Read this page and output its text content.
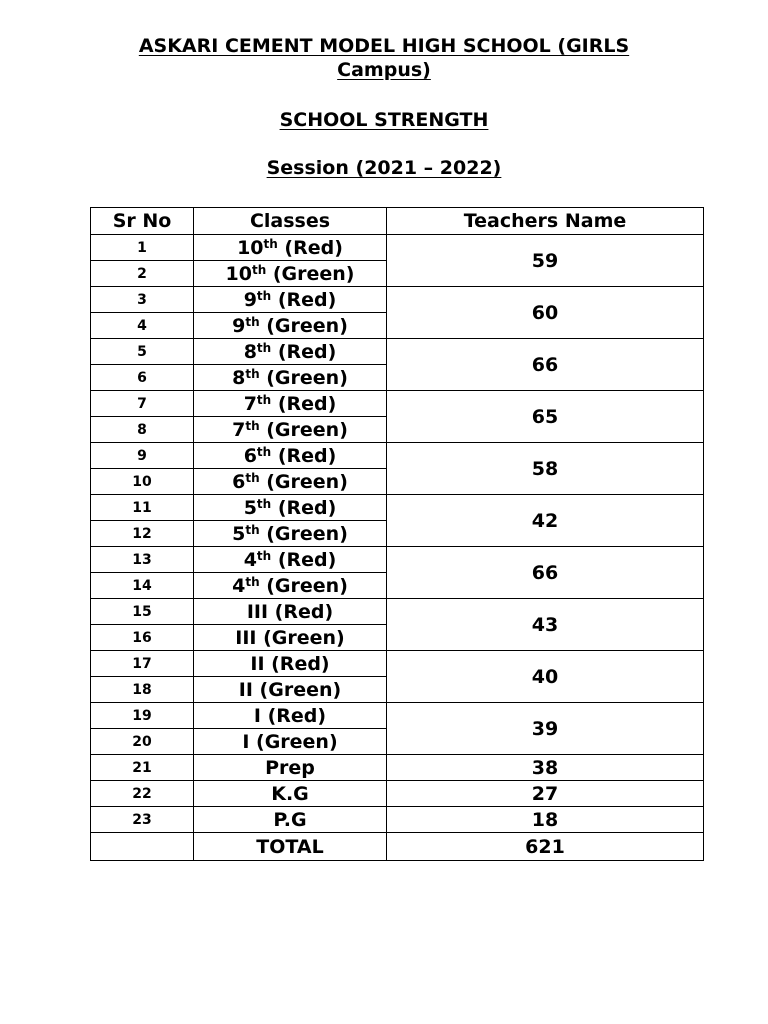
ASKARI CEMENT MODEL HIGH SCHOOL (GIRLS
Campus)
SCHOOL STRENGTH
Session (2021 – 2022)
Sr No	Classes	Teachers Name
1	10th (Red)	59
2	10th (Green)	
3	9th (Red)	60
4	9th (Green)	
5	8th (Red)	66
6	8th (Green)	
7	7th (Red)	65
8	7th (Green)	
9	6th (Red)	58
10	6th (Green)	
11	5th (Red)	42
12	5th (Green)	
13	4th (Red)	66
14	4th (Green)	
15	III (Red)	43
16	III (Green)	
17	II (Red)	40
18	II (Green)	
19	I (Red)	39
20	I (Green)	
21	Prep	38
22	K.G	27
23	P.G	18
	TOTAL	621
